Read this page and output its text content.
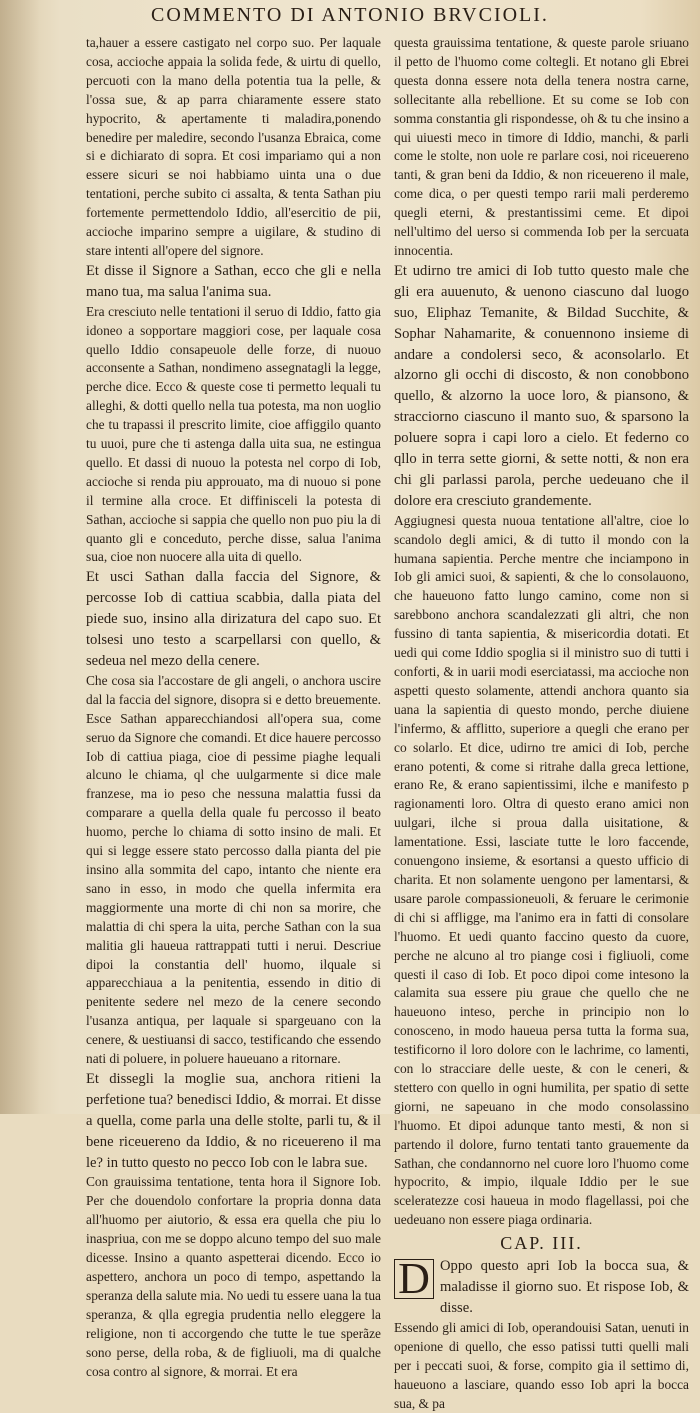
COMMENTO DI ANTONIO BRVCIOLI.

ta,hauer a essere castigato nel corpo suo. Per laquale cosa, accioche appaia la solida fede, & uirtu di quello, percuoti con la mano della potentia tua la pelle, & l'ossa sue, & ap parra chiaramente essere stato hypocrito, & apertamente ti maladira,ponendo benedire per maledire, secondo l'usanza Ebraica, come si e dichiarato di sopra. Et cosi impariamo qui a non essere sicuri se noi habbiamo uinta una o due tentationi, perche subito ci assalta, & tenta Sathan piu fortemente permettendolo Iddio, all'esercitio de pii, accioche imparino sempre a uigilare, & studino di stare intenti all'opere del signore.

Et disse il Signore a Sathan, ecco che gli e nella mano tua, ma salua l'anima sua.

Era cresciuto nelle tentationi il seruo di Iddio, fatto gia idoneo a sopportare maggiori cose, per laquale cosa quello Iddio consapeuole delle forze, di nuouo acconsente a Sathan, nondimeno assegnatagli la legge, perche dice. Ecco & queste cose ti permetto lequali tu alleghi, & dotti quello nella tua potesta, ma non uoglio che tu trapassi il prescrito limite, cioe affiggilo quanto tu uuoi, pure che ti astenga dalla uita sua, ne estingua quello. Et dassi di nuouo la potesta nel corpo di Iob, accioche si renda piu approuato, ma di nuouo si pone il termine alla croce. Et diffinisceli la potesta di Sathan, accioche si sappia che quello non puo piu la di quanto gli e conceduto, perche disse, salua l'anima sua, cioe non nuocere alla uita di quello.

Et usci Sathan dalla faccia del Signore, & percosse Iob di cattiua scabbia, dalla piata del piede suo, insino alla dirizatura del capo suo. Et tolsesi uno testo a scarpellarsi con quello, & sedeua nel mezo della cenere.

Che cosa sia l'accostare de gli angeli, o anchora uscire dal la faccia del signore, disopra si e detto breuemente. Esce Sathan apparecchiandosi all'opera sua, come seruo da Signore che comandi. Et dice hauere percosso Iob di cattiua piaga, cioe di pessime piaghe lequali alcuno le chiama, ql che uulgarmente si dice male franzese, ma io peso che nessuna malattia fussi da comparare a quella della quale fu percosso il beato huomo, perche lo chiama di sotto insino de mali. Et qui si legge essere stato percosso dalla pianta del pie insino alla sommita del capo, intanto che niente era sano in esso, in modo che quella infermita era maggiormente una morte di chi non sa morire, che malattia di chi spera la uita, perche Sathan con la sua malitia gli haueua rattrappati tutti i nerui. Descriue dipoi la constantia dell' huomo, ilquale si apparecchiaua a la penitentia, essendo in ditio di penitente sedere nel mezo de la cenere secondo l'usanza antiqua, per laquale si spargeuano con la cenere, & uestiuansi di sacco, testificando che essendo nati di poluere, in poluere haueuano a ritornare.

Et dissegli la moglie sua, anchora ritieni la perfetione tua? benedisci Iddio, & morrai. Et disse a quella, come parla una delle stolte, parli tu, & il bene riceuereno da Iddio, & no riceuereno il ma le? in tutto questo no pecco Iob con le labra sue.

Con grauissima tentatione, tenta hora il Signore Iob. Per che douendolo confortare la propria donna data all'huomo per aiutorio, & essa era quella che piu lo inaspriua, con me se doppo alcuno tempo del suo male dicesse. Insino a quanto aspetterai dicendo. Ecco io aspettero, anchora un poco di tempo, aspettando la speranza della salute mia. No uedi tu essere uana la tua speranza, & qlla egregia prudentia nello eleggere la religione, non ti accorgendo che tutte le tue sperãze sono perse, della roba, & de figliuoli, ma di qualche cosa contro al signore, & morrai. Et era

questa grauissima tentatione, & queste parole sriuano il petto de l'huomo come coltegli. Et notano gli Ebrei questa donna essere nota della tenera nostra carne, sollecitante alla rebellione. Et su come se Iob con somma constantia gli rispondesse, oh & tu che insino a qui uiuesti meco in timore di Iddio, manchi, & parli come le stolte, non uole re parlare cosi, noi riceuereno tanti, & gran beni da Iddio, & non riceuereno il male, come dica, o per questi tempo rarii mali perderemo quegli eterni, & prestantissimi ceme. Et dipoi nell'ultimo del uerso si commenda Iob per la sercuata innocentia.

Et udirno tre amici di Iob tutto questo male che gli era auuenuto, & uenono ciascuno dal luogo suo, Eliphaz Temanite, & Bildad Succhite, & Sophar Nahamarite, & conuennono insieme di andare a condolersi seco, & aconsolarlo. Et alzorno gli occhi di discosto, & non conobbono quello, & alzorno la uoce loro, & piansono, & stracciorno ciascuno il manto suo, & sparsono la poluere sopra i capi loro a cielo. Et federno co qllo in terra sette giorni, & sette notti, & non era chi gli parlassi parola, perche uedeuano che il dolore era cresciuto grandemente.

Aggiugnesi questa nuoua tentatione all'altre, cioe lo scandolo degli amici, & di tutto il mondo con la humana sapientia. Perche mentre che inciampono in Iob gli amici suoi, & sapienti, & che lo consolauono, che haueuono fatto lungo camino, come non si sarebbono anchora scandalezzati gli altri, che non fussino di tanta sapientia, & misericordia dotati. Et uedi qui come Iddio spoglia si il ministro suo di tutti i conforti, & in uarii modi eserciatassi, ma accioche non aspetti questo solamente, attendi anchora quanto sia uana la sapientia di questo mondo, perche diuiene l'infermo, & afflitto, superiore a quegli che erano per co solarlo. Et dice, udirno tre amici di Iob, perche erano potenti, & come si ritrahe dalla greca lettione, erano Re, & erano sapientissimi, ilche e manifesto p ragionamenti loro. Oltra di questo erano amici non uulgari, ilche si proua dalla uisitatione, & lamentatione. Essi, lasciate tutte le loro faccende, conuengono insieme, & esortansi a questo ufficio di charita. Et non solamente uengono per lamentarsi, & usare parole compassioneuoli, & feruare le cerimonie di chi si affligge, ma l'animo era in fatti di consolare l'huomo. Et uedi quanto faccino questo da cuore, perche ne alcuno al tro piange cosi i figliuoli, come questi il caso di Iob. Et poco dipoi come intesono la calamita sua essere piu graue che quello che ne haueuono inteso, perche in principio non lo conosceno, in modo haueua persa tutta la forma sua, testificorno il loro dolore con le lachrime, co lamenti, con lo stracciare delle ueste, & con le ceneri, & stettero con quello in ogni humilita, per spatio di sette giorni, ne sapeuano in che modo consolassino l'huomo. Et dipoi adunque tanto mesti, & non si partendo il dolore, furno tentati tanto grauemente da Sathan, che condannorno nel cuore loro l'huomo come hypocrito, & impio, ilquale Iddio per le sue sceleratezze cosi haueua in modo flagellassi, poi che uedeuano non essere piaga ordinaria.

CAP. III.

D Oppo questo apri Iob la bocca sua, & maladisse il giorno suo. Et rispose Iob, & disse.

Essendo gli amici di Iob, operandouisi Satan, uenuti in openione di quello, che esso patissi tutti quelli mali per i peccati suoi, & forse, compito gia il settimo di, haueuono a lasciare, quando esso Iob apri la bocca sua, & pa
